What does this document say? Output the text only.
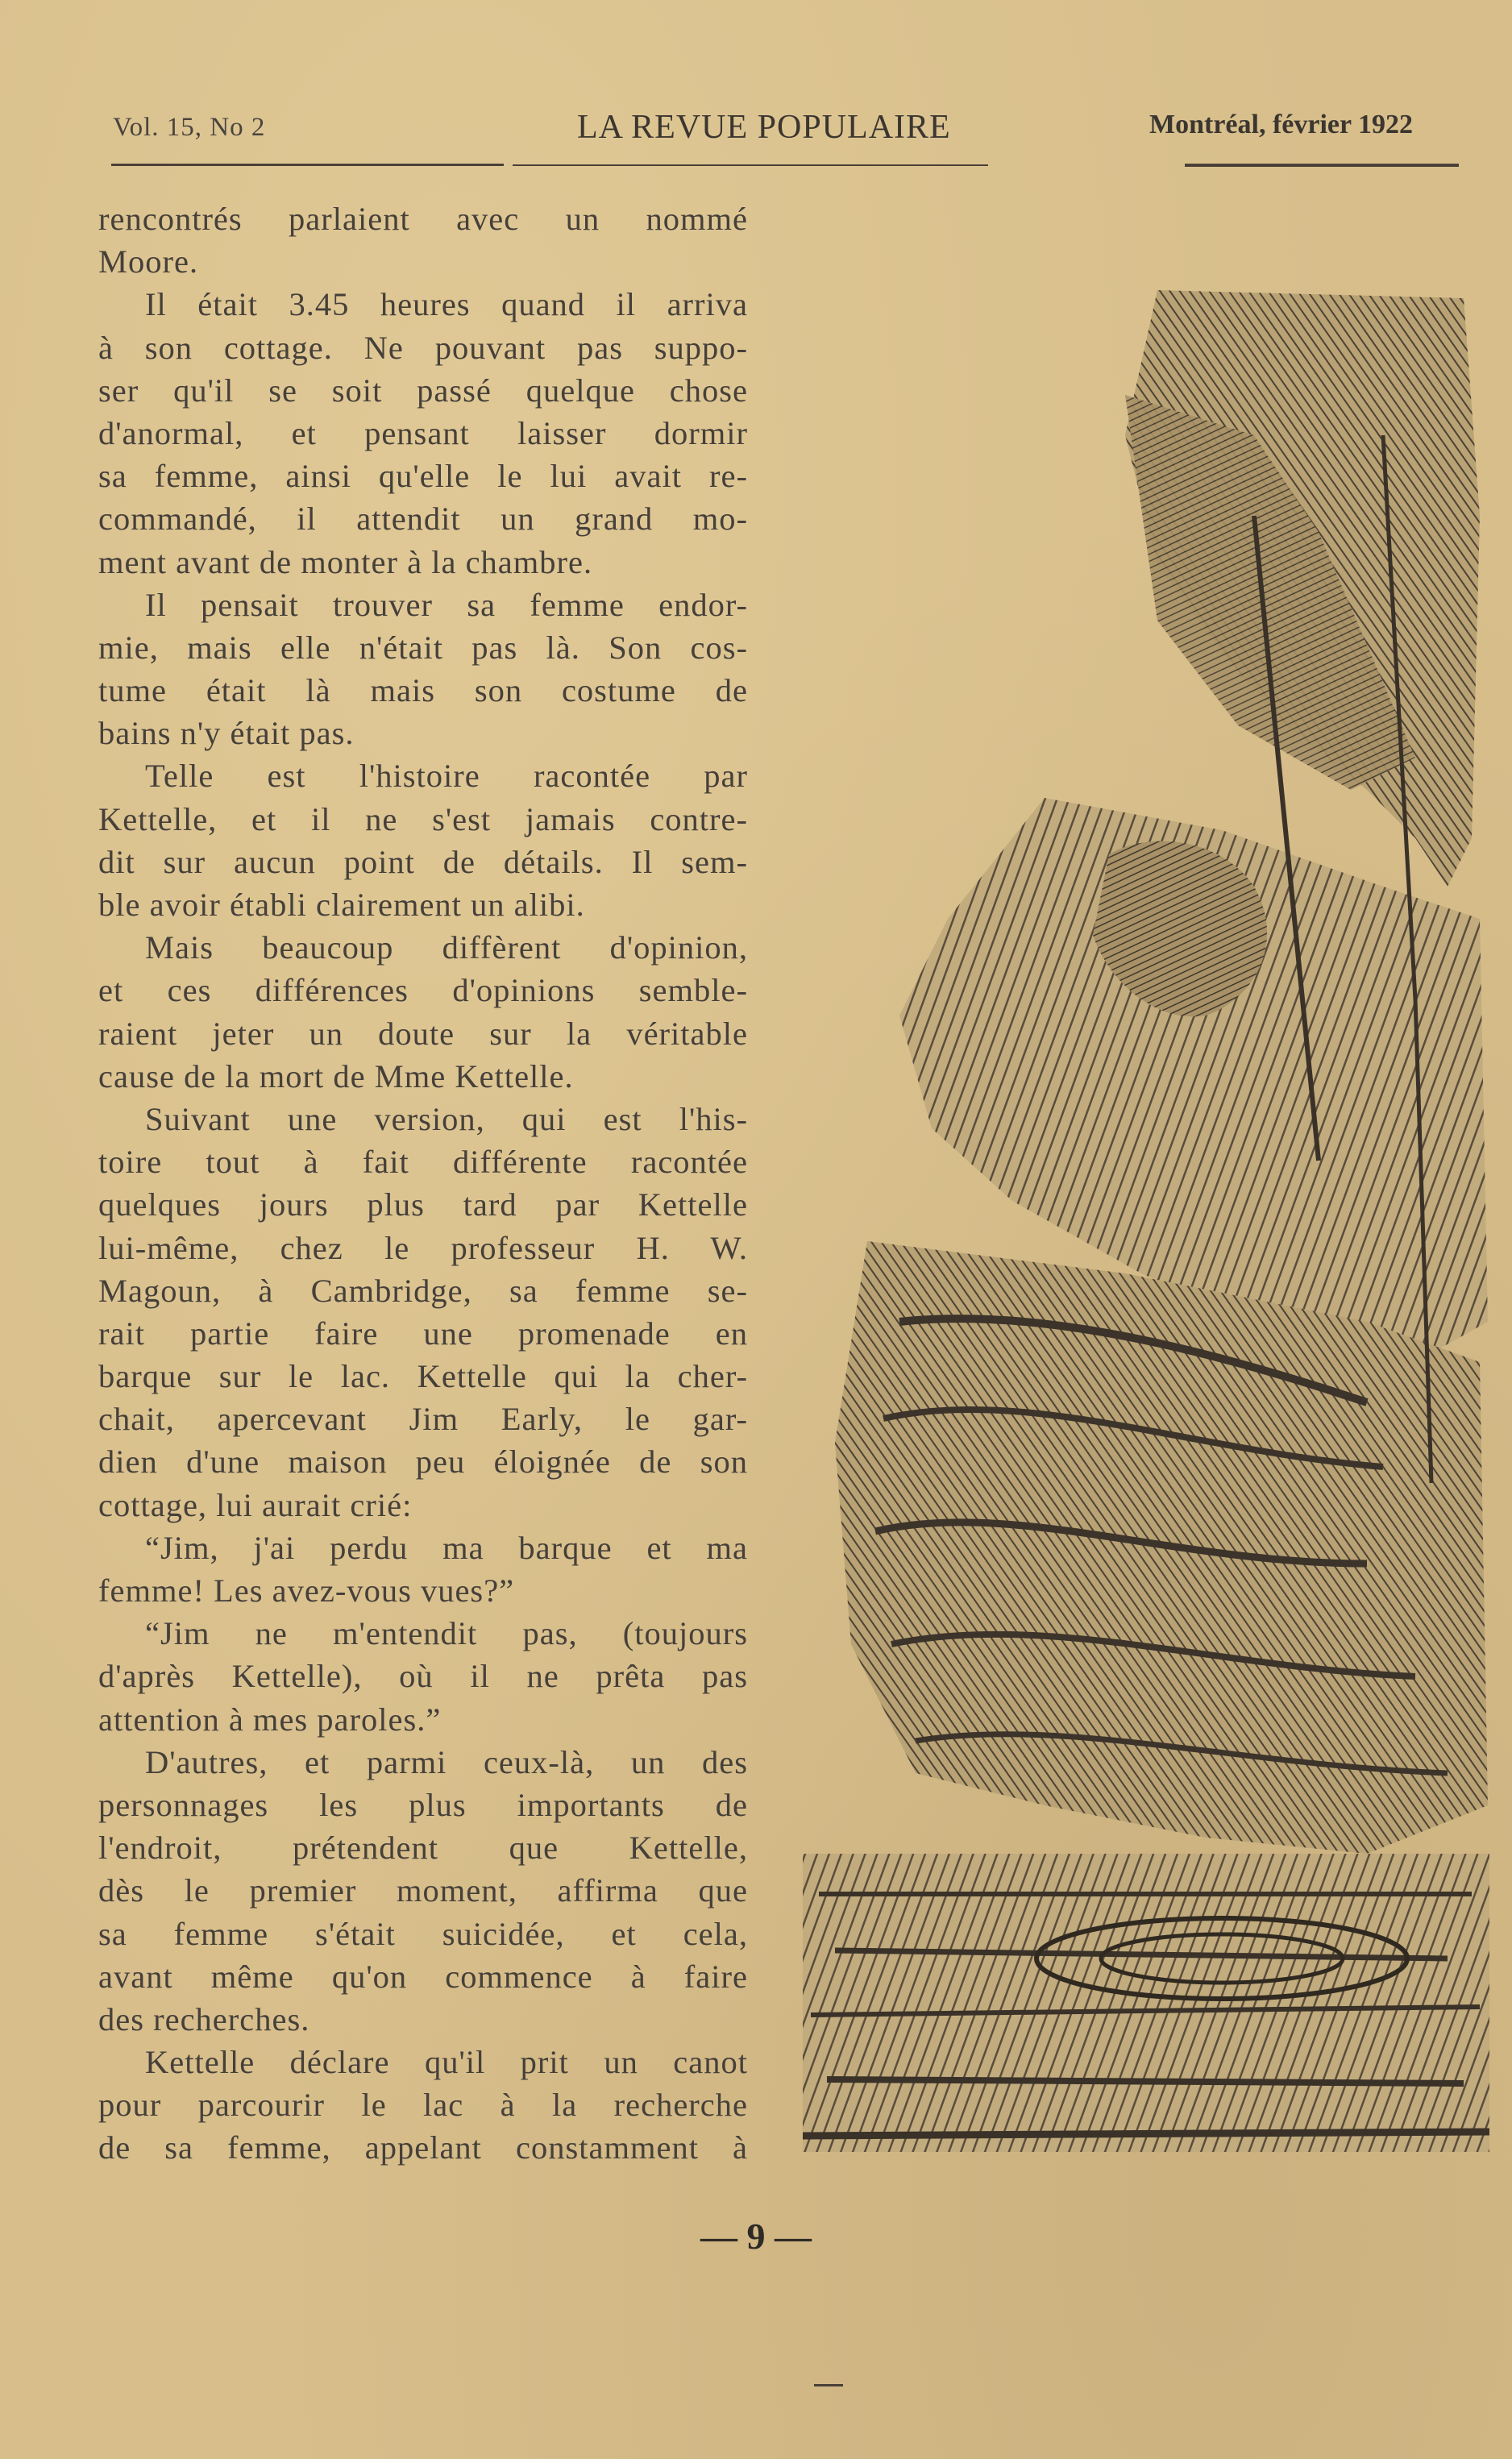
Vol. 15, No 2	LA REVUE POPULAIRE	Montréal, février 1922
rencontrés parlaient avec un nommé
Moore.
Il était 3.45 heures quand il arriva
à son cottage. Ne pouvant pas suppo-
ser qu'il se soit passé quelque chose
d'anormal, et pensant laisser dormir
sa femme, ainsi qu'elle le lui avait re-
commandé, il attendit un grand mo-
ment avant de monter à la chambre.
Il pensait trouver sa femme endor-
mie, mais elle n'était pas là. Son cos-
tume était là mais son costume de
bains n'y était pas.
Telle est l'histoire racontée par
Kettelle, et il ne s'est jamais contre-
dit sur aucun point de détails. Il sem-
ble avoir établi clairement un alibi.
Mais beaucoup diffèrent d'opinion,
et ces différences d'opinions semble-
raient jeter un doute sur la véritable
cause de la mort de Mme Kettelle.
Suivant une version, qui est l'his-
toire tout à fait différente racontée
quelques jours plus tard par Kettelle
lui-même, chez le professeur H. W.
Magoun, à Cambridge, sa femme se-
rait partie faire une promenade en
barque sur le lac. Kettelle qui la cher-
chait, apercevant Jim Early, le gar-
dien d'une maison peu éloignée de son
cottage, lui aurait crié:
“Jim, j'ai perdu ma barque et ma
femme! Les avez-vous vues?”
“Jim ne m'entendit pas, (toujours
d'après Kettelle), où il ne prêta pas
attention à mes paroles.”
D'autres, et parmi ceux-là, un des
personnages les plus importants de
l'endroit, prétendent que Kettelle,
dès le premier moment, affirma que
sa femme s'était suicidée, et cela,
avant même qu'on commence à faire
des recherches.
Kettelle déclare qu'il prit un canot
pour parcourir le lac à la recherche
de sa femme, appelant constamment à
— 9 —
